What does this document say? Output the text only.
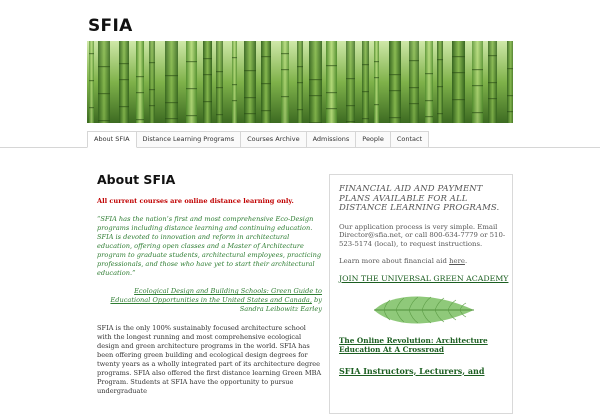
SFIA
About SFIA	Distance Learning Programs	Courses Archive	Admissions	People	Contact
About SFIA

All current courses are online distance learning only.

“SFIA has the nation’s first and most comprehensive Eco-Design programs including distance learning and continuing education. SFIA is devoted to innovation and reform in architectural education, offering open classes and a Master of Architecture program to graduate students, architectural employees, practicing professionals, and those who have yet to start their architectural education.”

Ecological Design and Building Schools: Green Guide to Educational Opportunities in the United States and Canada, by Sandra Leibowitz Earley

SFIA is the only 100% sustainably focused architecture school with the longest running and most comprehensive ecological design and green architecture programs in the world. SFIA has been offering green building and ecological design degrees for twenty years as a wholly integrated part of its architecture degree programs. SFIA also offered the first distance learning Green MBA Program. Students at SFIA have the opportunity to pursue undergraduate

FINANCIAL AID AND PAYMENT PLANS AVAILABLE FOR ALL DISTANCE LEARNING PROGRAMS.

Our application process is very simple. Email Director@sfia.net, or call 800-634-7779 or 510-523-5174 (local), to request instructions.

Learn more about financial aid here.

JOIN THE UNIVERSAL GREEN ACADEMY
The Online Revolution: Architecture Education At A Crossroad
SFIA Instructors, Lecturers, and
